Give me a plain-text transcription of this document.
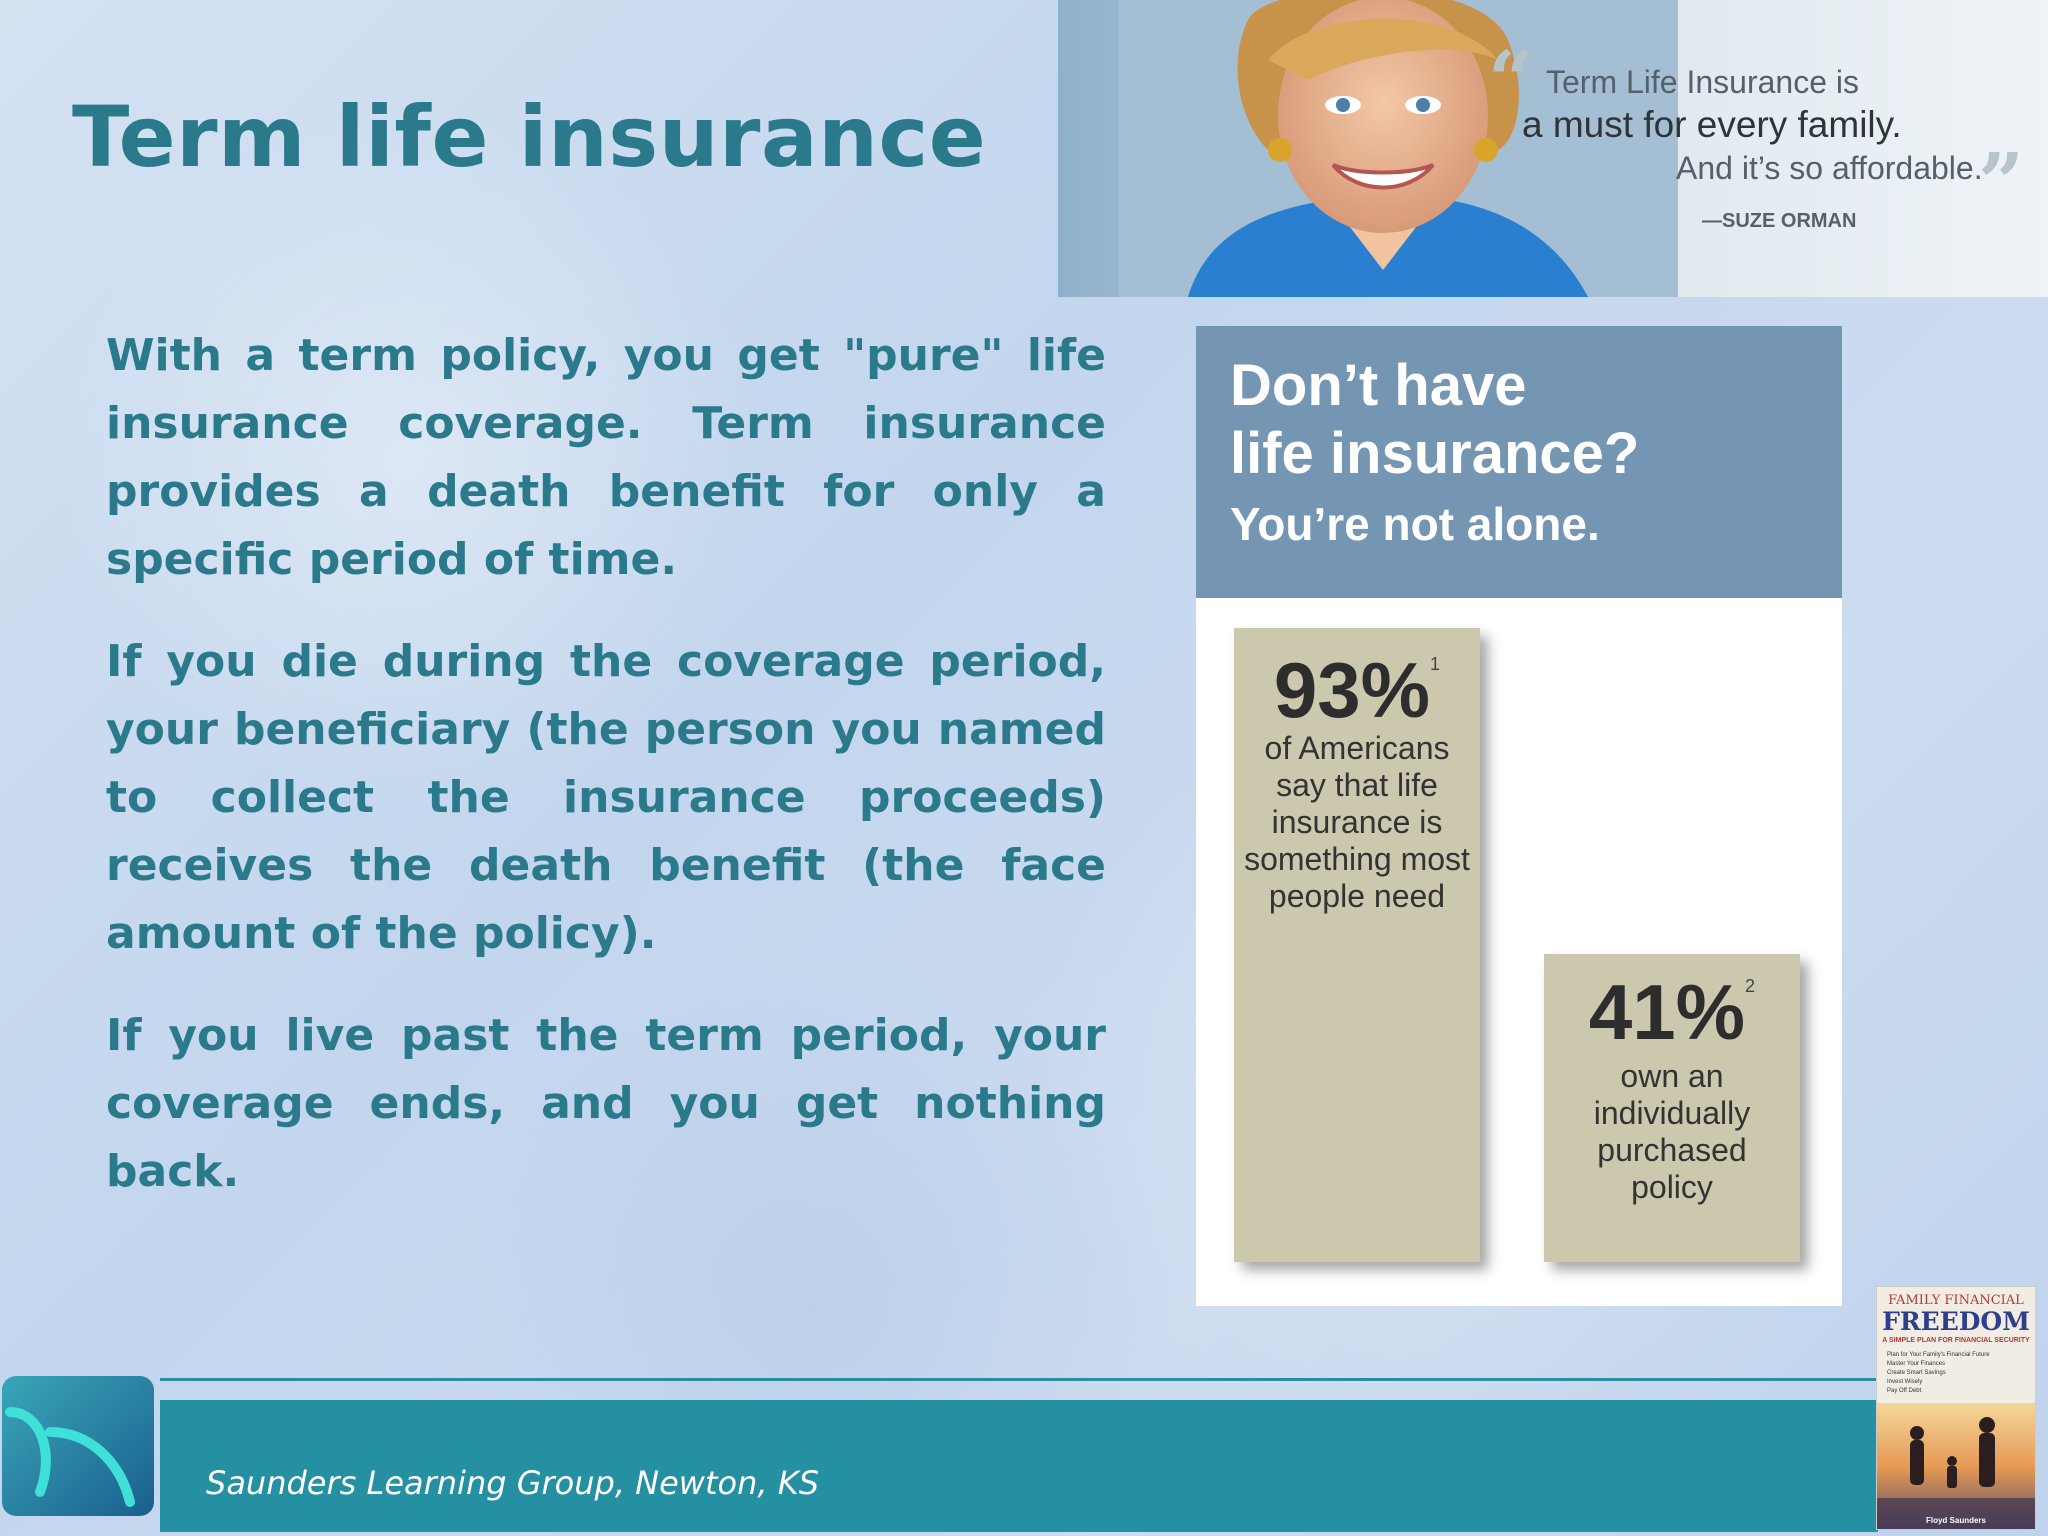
Term life insurance
“ Term Life Insurance is
a must for every family.
And it’s so affordable.
”
—SUZE ORMAN

With a term policy, you get "pure" life insurance coverage. Term insurance provides a death benefit for only a specific period of time.

If you die during the coverage period, your beneficiary (the person you named to collect the insurance proceeds) receives the death benefit (the face amount of the policy).

If you live past the term period, your coverage ends, and you get nothing back.

Don’t have
life insurance?
You’re not alone.
93%1
of Americans say that life insurance is something most people need
41%2
own an individually purchased policy
Saunders Learning Group, Newton, KS
FAMILY FINANCIAL
FREEDOM
A SIMPLE PLAN FOR FINANCIAL SECURITY
Plan for Your Family's Financial Future
Master Your Finances
Create Smart Savings
Invest Wisely
Pay Off Debt
Floyd Saunders
